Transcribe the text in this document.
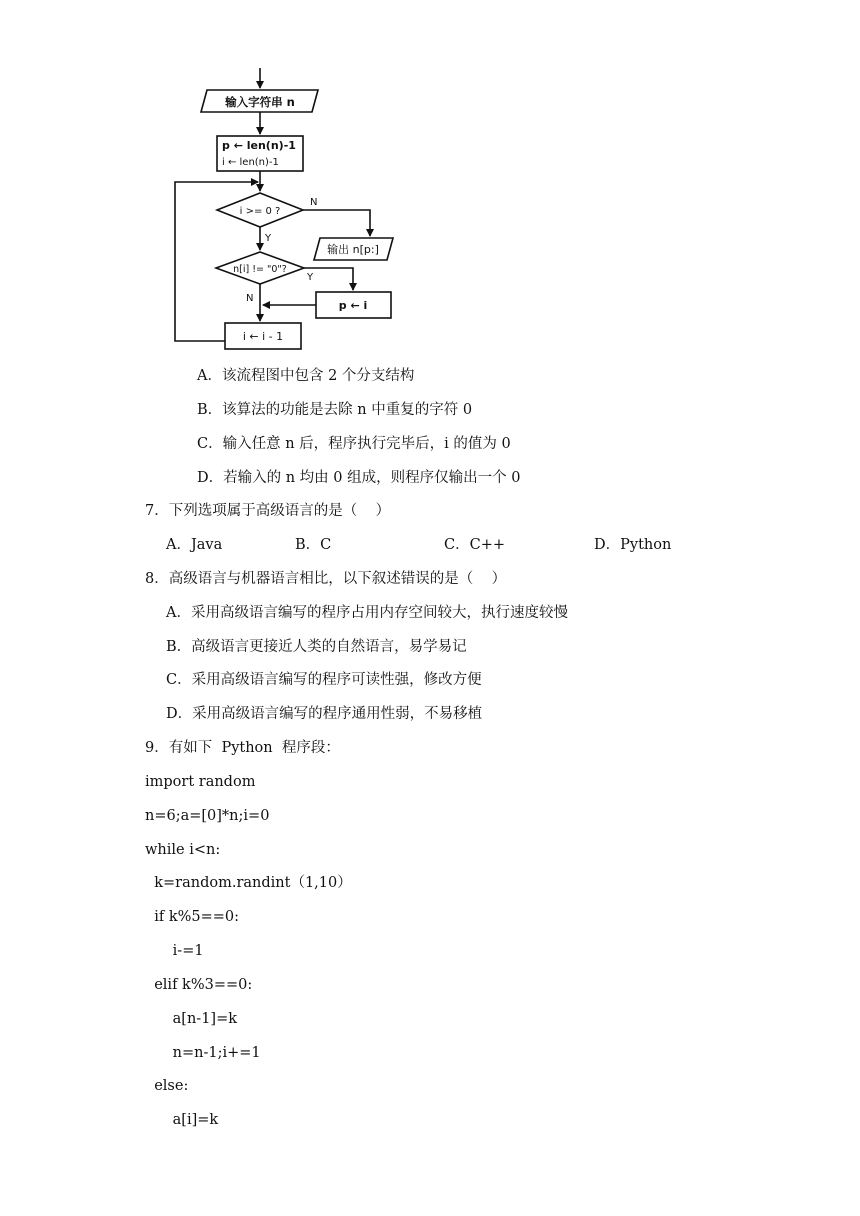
输入字符串 n
p ← len(n)-1
i ← len(n)-1
i >= 0 ?
n[i] != "0"?
输出 n[p:]
p ← i
i ← i - 1
N
Y
Y
N
A．该流程图中包含 2 个分支结构
B．该算法的功能是去除 n 中重复的字符 0
C．输入任意 n 后，程序执行完毕后，i 的值为 0
D．若输入的 n 均由 0 组成，则程序仅输出一个 0
7．下列选项属于高级语言的是（    ）
A．Java	B．C	C．C++	D．Python
8．高级语言与机器语言相比，以下叙述错误的是（    ）
A．采用高级语言编写的程序占用内存空间较大，执行速度较慢
B．高级语言更接近人类的自然语言，易学易记
C．采用高级语言编写的程序可读性强，修改方便
D．采用高级语言编写的程序通用性弱，不易移植
9．有如下  Python  程序段：
import random
n=6;a=[0]*n;i=0
while i<n:
k=random.randint（1,10）
if k%5==0:
i-=1
elif k%3==0:
a[n-1]=k
n=n-1;i+=1
else:
a[i]=k
